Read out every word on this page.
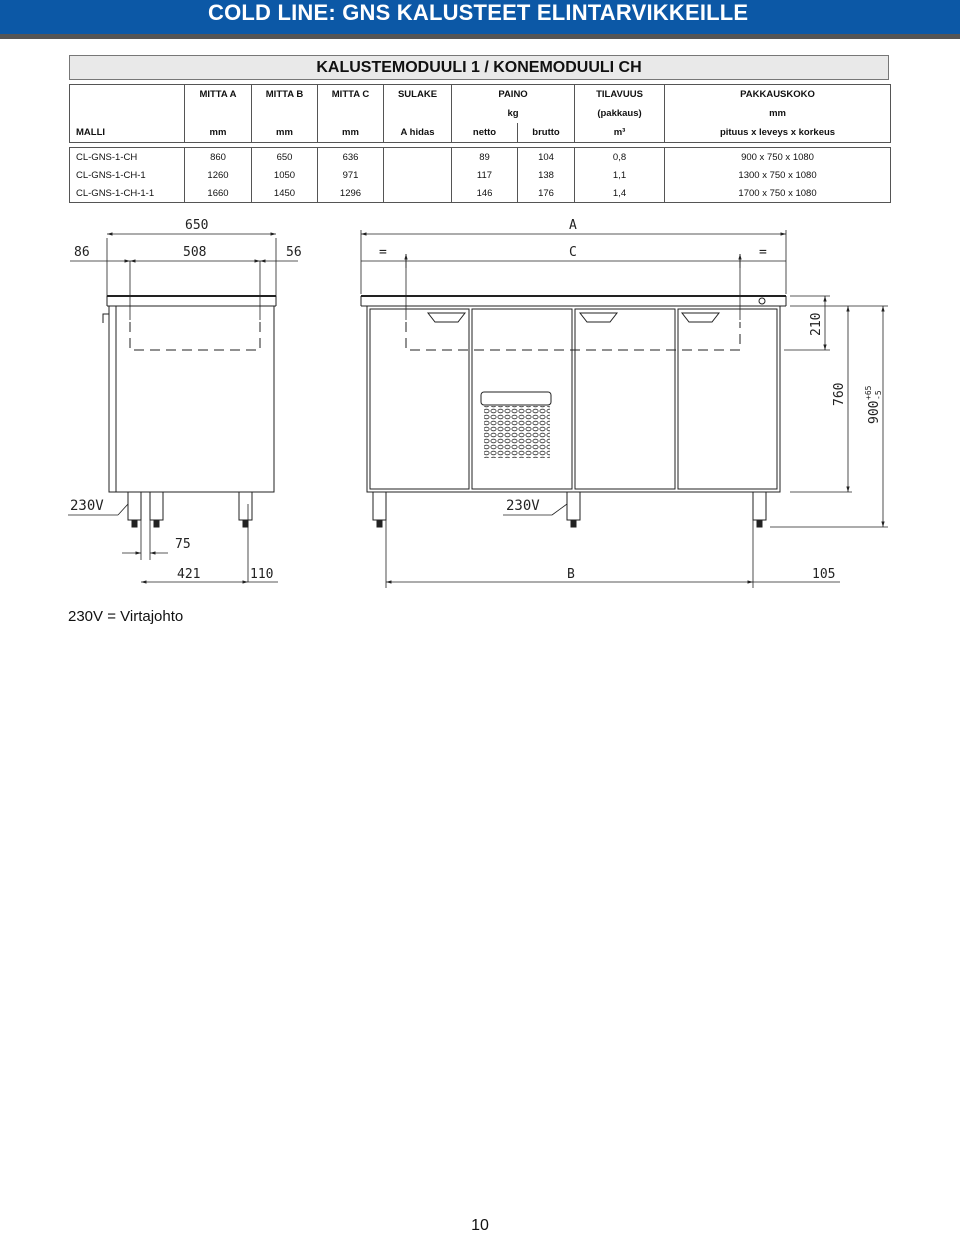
COLD LINE: GNS KALUSTEET ELINTARVIKKEILLE
KALUSTEMODUULI 1 / KONEMODUULI CH
	MITTA A	MITTA B	MITTA C	SULAKE	PAINO		TILAVUUS	PAKKAUSKOKO
					kg		(pakkaus)	mm
MALLI	mm	mm	mm	A hidas	netto	brutto	m³	pituus x leveys x korkeus

CL-GNS-1-CH	860	650	636		89	104	0,8	900 x 750 x 1080
CL-GNS-1-CH-1	1260	1050	971		117	138	1,1	1300 x 750 x 1080
CL-GNS-1-CH-1-1	1660	1450	1296		146	176	1,4	1700 x 750 x 1080
650
508
86	56
A
C
=	=
210
760
900
+65 -5
230V	230V
75
421	110	B	105
230V = Virtajohto
10
